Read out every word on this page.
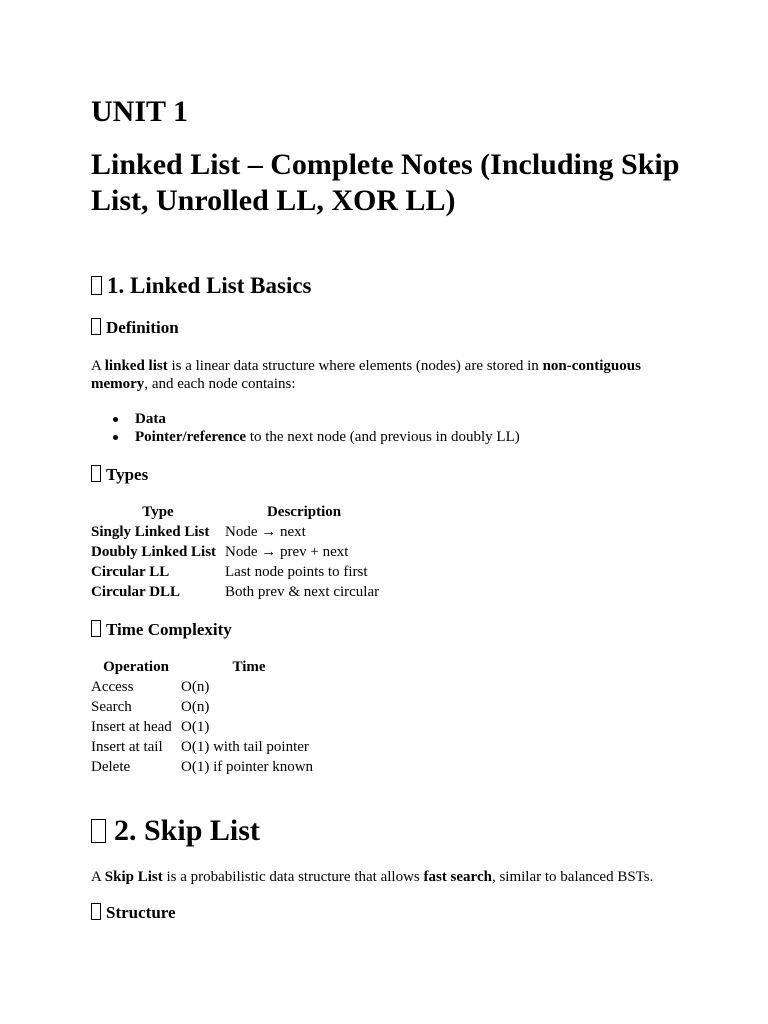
UNIT 1
Linked List – Complete Notes (Including Skip List, Unrolled LL, XOR LL)
1. Linked List Basics
Definition

A linked list is a linear data structure where elements (nodes) are stored in non-contiguous memory, and each node contains:

Data
Pointer/reference to the next node (and previous in doubly LL)
Types
Type	Description
Singly Linked List	Node → next
Doubly Linked List	Node → prev + next
Circular LL	Last node points to first
Circular DLL	Both prev & next circular
Time Complexity
Operation	Time
Access	O(n)
Search	O(n)
Insert at head	O(1)
Insert at tail	O(1) with tail pointer
Delete	O(1) if pointer known
2. Skip List

A Skip List is a probabilistic data structure that allows fast search, similar to balanced BSTs.

Structure
